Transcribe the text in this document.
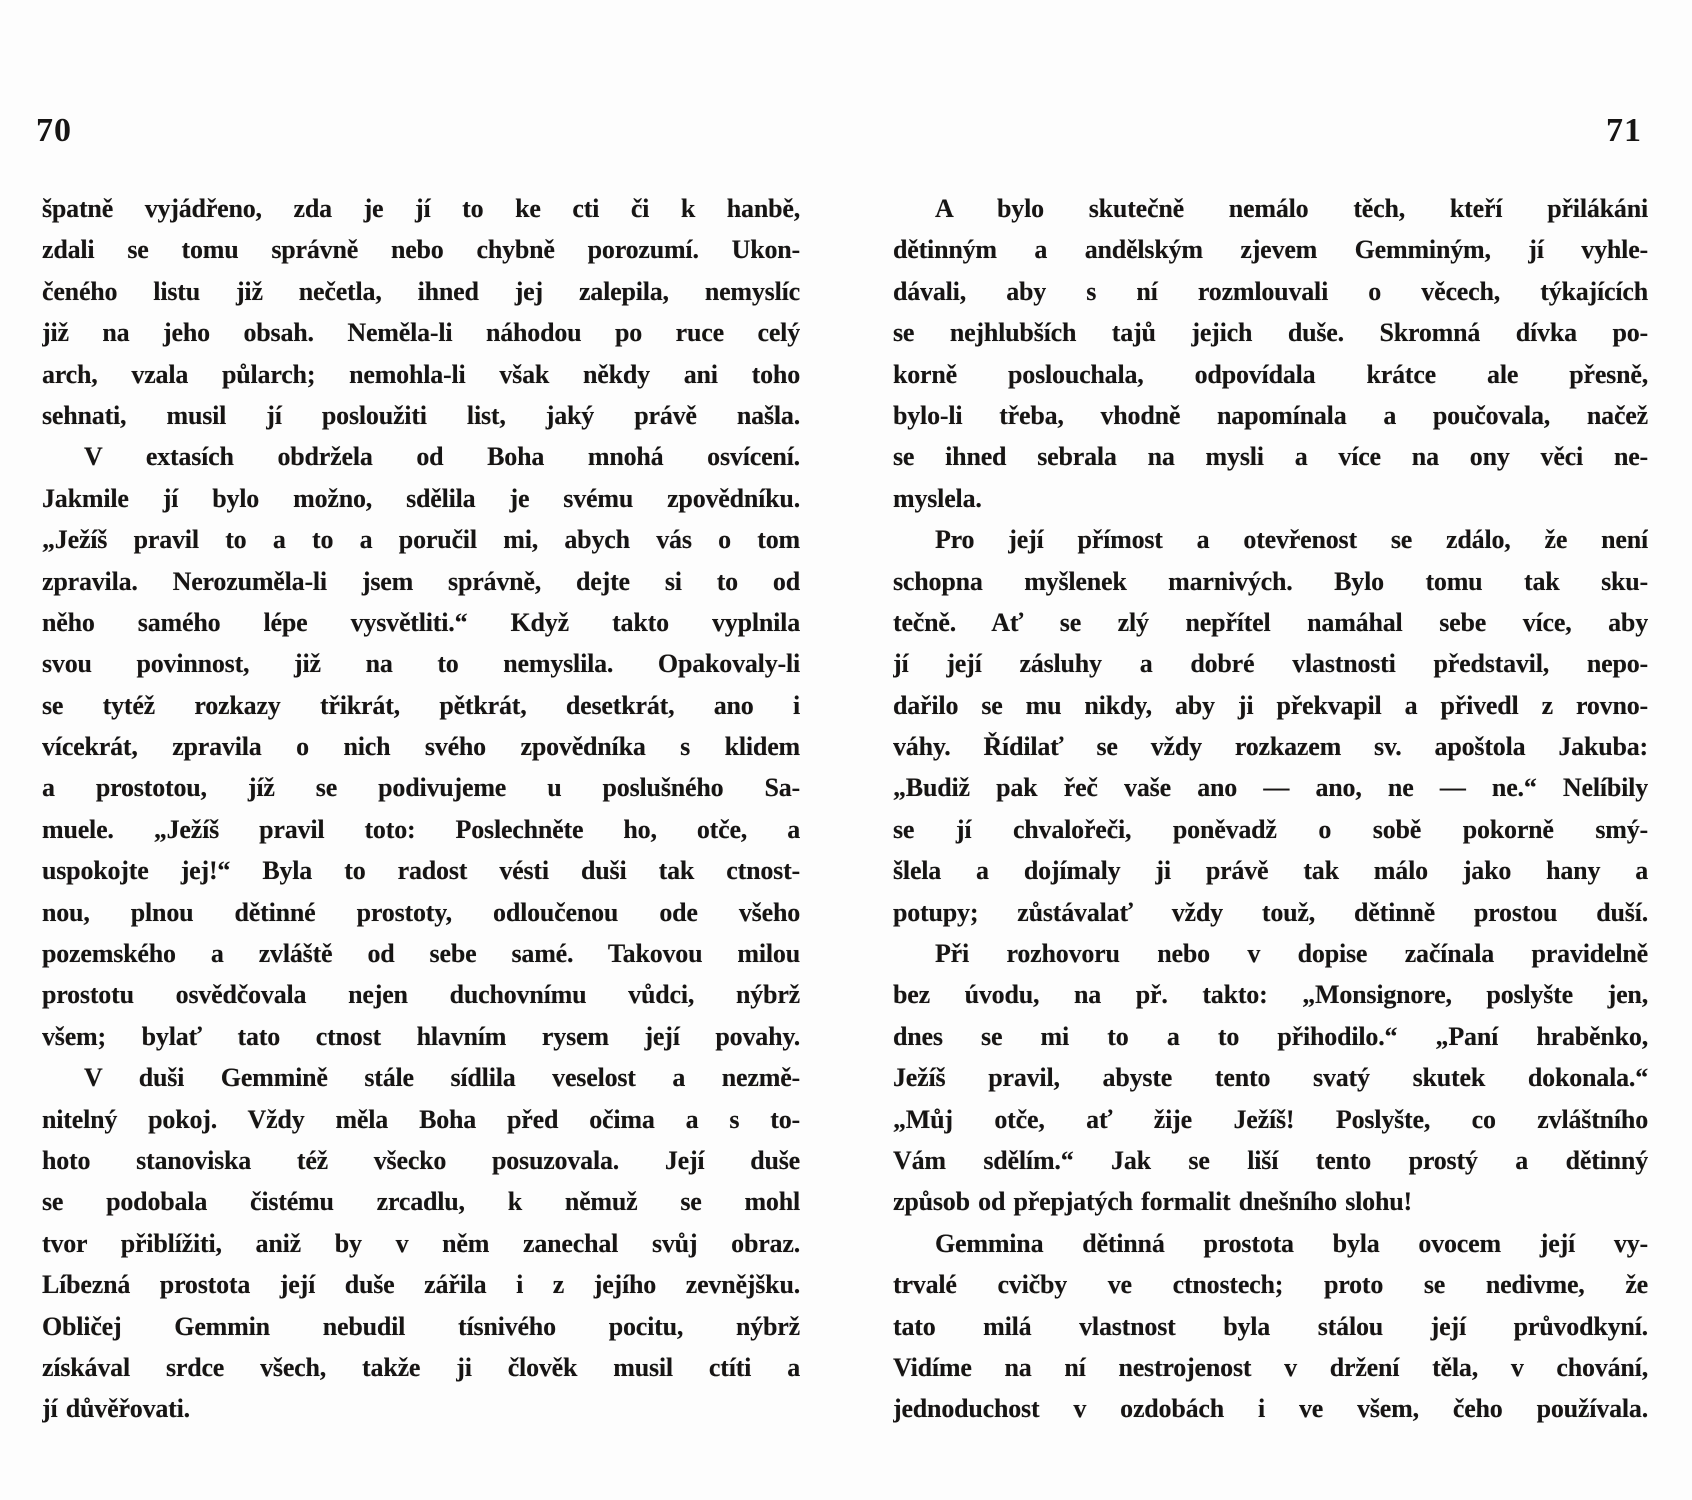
70	71
špatně vyjádřeno, zda je jí to ke cti či k hanbě,
zdali se tomu správně nebo chybně porozumí. Ukon-
čeného listu již nečetla, ihned jej zalepila, nemyslíc
již na jeho obsah. Neměla-li náhodou po ruce celý
arch, vzala půlarch; nemohla-li však někdy ani toho
sehnati, musil jí posloužiti list, jaký právě našla.
V extasích obdržela od Boha mnohá osvícení.
Jakmile jí bylo možno, sdělila je svému zpovědníku.
„Ježíš pravil to a to a poručil mi, abych vás o tom
zpravila. Nerozuměla-li jsem správně, dejte si to od
něho samého lépe vysvětliti.“ Když takto vyplnila
svou povinnost, již na to nemyslila. Opakovaly-li
se tytéž rozkazy třikrát, pětkrát, desetkrát, ano i
vícekrát, zpravila o nich svého zpovědníka s klidem
a prostotou, jíž se podivujeme u poslušného Sa-
muele. „Ježíš pravil toto: Poslechněte ho, otče, a
uspokojte jej!“ Byla to radost vésti duši tak ctnost-
nou, plnou dětinné prostoty, odloučenou ode všeho
pozemského a zvláště od sebe samé. Takovou milou
prostotu osvědčovala nejen duchovnímu vůdci, nýbrž
všem; bylať tato ctnost hlavním rysem její povahy.
V duši Gemmině stále sídlila veselost a nezmě-
nitelný pokoj. Vždy měla Boha před očima a s to-
hoto stanoviska též všecko posuzovala. Její duše
se podobala čistému zrcadlu, k němuž se mohl
tvor přiblížiti, aniž by v něm zanechal svůj obraz.
Líbezná prostota její duše zářila i z jejího zevnějšku.
Obličej Gemmin nebudil tísnivého pocitu, nýbrž
získával srdce všech, takže ji člověk musil ctíti a
jí důvěřovati.
A bylo skutečně nemálo těch, kteří přilákáni
dětinným a andělským zjevem Gemminým, jí vyhle-
dávali, aby s ní rozmlouvali o věcech, týkajících
se nejhlubších tajů jejich duše. Skromná dívka po-
korně poslouchala, odpovídala krátce ale přesně,
bylo-li třeba, vhodně napomínala a poučovala, načež
se ihned sebrala na mysli a více na ony věci ne-
myslela.
Pro její přímost a otevřenost se zdálo, že není
schopna myšlenek marnivých. Bylo tomu tak sku-
tečně. Ať se zlý nepřítel namáhal sebe více, aby
jí její zásluhy a dobré vlastnosti představil, nepo-
dařilo se mu nikdy, aby ji překvapil a přivedl z rovno-
váhy. Řídilať se vždy rozkazem sv. apoštola Jakuba:
„Budiž pak řeč vaše ano — ano, ne — ne.“ Nelíbily
se jí chvalořeči, poněvadž o sobě pokorně smý-
šlela a dojímaly ji právě tak málo jako hany a
potupy; zůstávalať vždy touž, dětinně prostou duší.
Při rozhovoru nebo v dopise začínala pravidelně
bez úvodu, na př. takto: „Monsignore, poslyšte jen,
dnes se mi to a to přihodilo.“ „Paní hraběnko,
Ježíš pravil, abyste tento svatý skutek dokonala.“
„Můj otče, ať žije Ježíš! Poslyšte, co zvláštního
Vám sdělím.“ Jak se liší tento prostý a dětinný
způsob od přepjatých formalit dnešního slohu!
Gemmina dětinná prostota byla ovocem její vy-
trvalé cvičby ve ctnostech; proto se nedivme, že
tato milá vlastnost byla stálou její průvodkyní.
Vidíme na ní nestrojenost v držení těla, v chování,
jednoduchost v ozdobách i ve všem, čeho používala.
